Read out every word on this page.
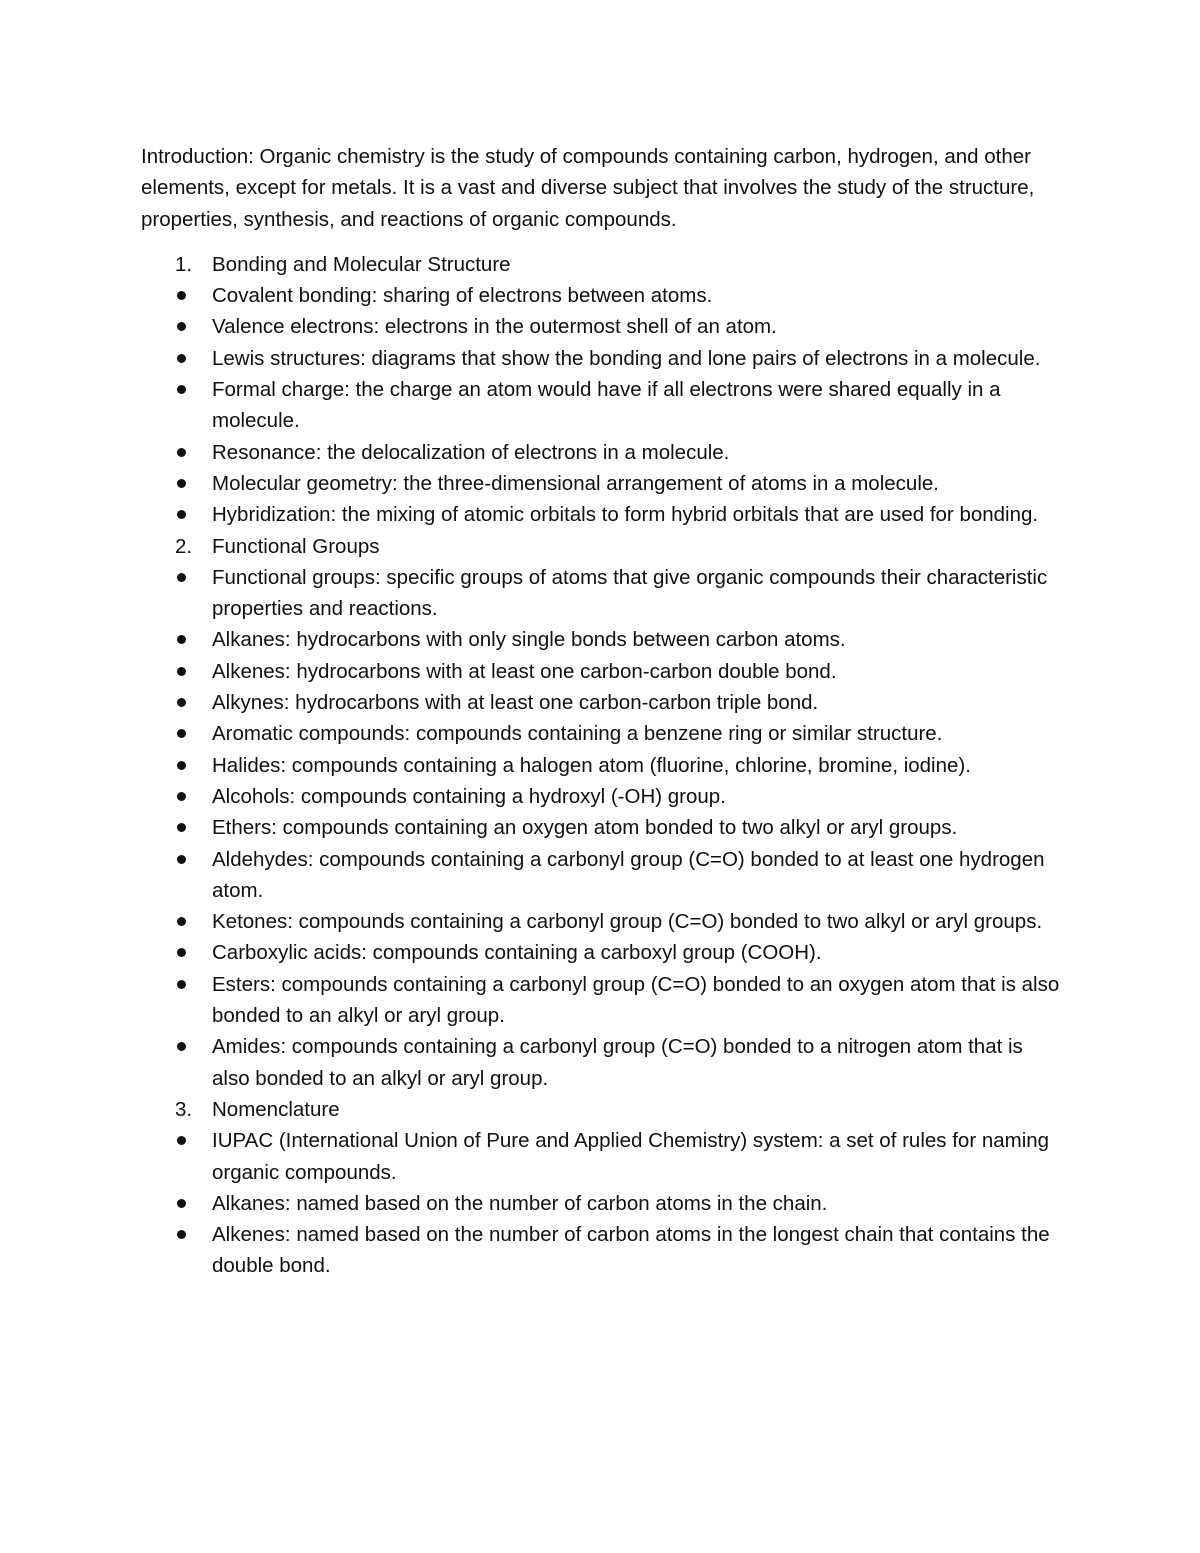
Introduction: Organic chemistry is the study of compounds containing carbon, hydrogen, and other elements, except for metals. It is a vast and diverse subject that involves the study of the structure, properties, synthesis, and reactions of organic compounds.

1. Bonding and Molecular Structure
Covalent bonding: sharing of electrons between atoms.
Valence electrons: electrons in the outermost shell of an atom.
Lewis structures: diagrams that show the bonding and lone pairs of electrons in a molecule.
Formal charge: the charge an atom would have if all electrons were shared equally in a molecule.
Resonance: the delocalization of electrons in a molecule.
Molecular geometry: the three-dimensional arrangement of atoms in a molecule.
Hybridization: the mixing of atomic orbitals to form hybrid orbitals that are used for bonding.
2. Functional Groups
Functional groups: specific groups of atoms that give organic compounds their characteristic properties and reactions.
Alkanes: hydrocarbons with only single bonds between carbon atoms.
Alkenes: hydrocarbons with at least one carbon-carbon double bond.
Alkynes: hydrocarbons with at least one carbon-carbon triple bond.
Aromatic compounds: compounds containing a benzene ring or similar structure.
Halides: compounds containing a halogen atom (fluorine, chlorine, bromine, iodine).
Alcohols: compounds containing a hydroxyl (-OH) group.
Ethers: compounds containing an oxygen atom bonded to two alkyl or aryl groups.
Aldehydes: compounds containing a carbonyl group (C=O) bonded to at least one hydrogen atom.
Ketones: compounds containing a carbonyl group (C=O) bonded to two alkyl or aryl groups.
Carboxylic acids: compounds containing a carboxyl group (COOH).
Esters: compounds containing a carbonyl group (C=O) bonded to an oxygen atom that is also bonded to an alkyl or aryl group.
Amides: compounds containing a carbonyl group (C=O) bonded to a nitrogen atom that is also bonded to an alkyl or aryl group.
3. Nomenclature
IUPAC (International Union of Pure and Applied Chemistry) system: a set of rules for naming organic compounds.
Alkanes: named based on the number of carbon atoms in the chain.
Alkenes: named based on the number of carbon atoms in the longest chain that contains the double bond.
